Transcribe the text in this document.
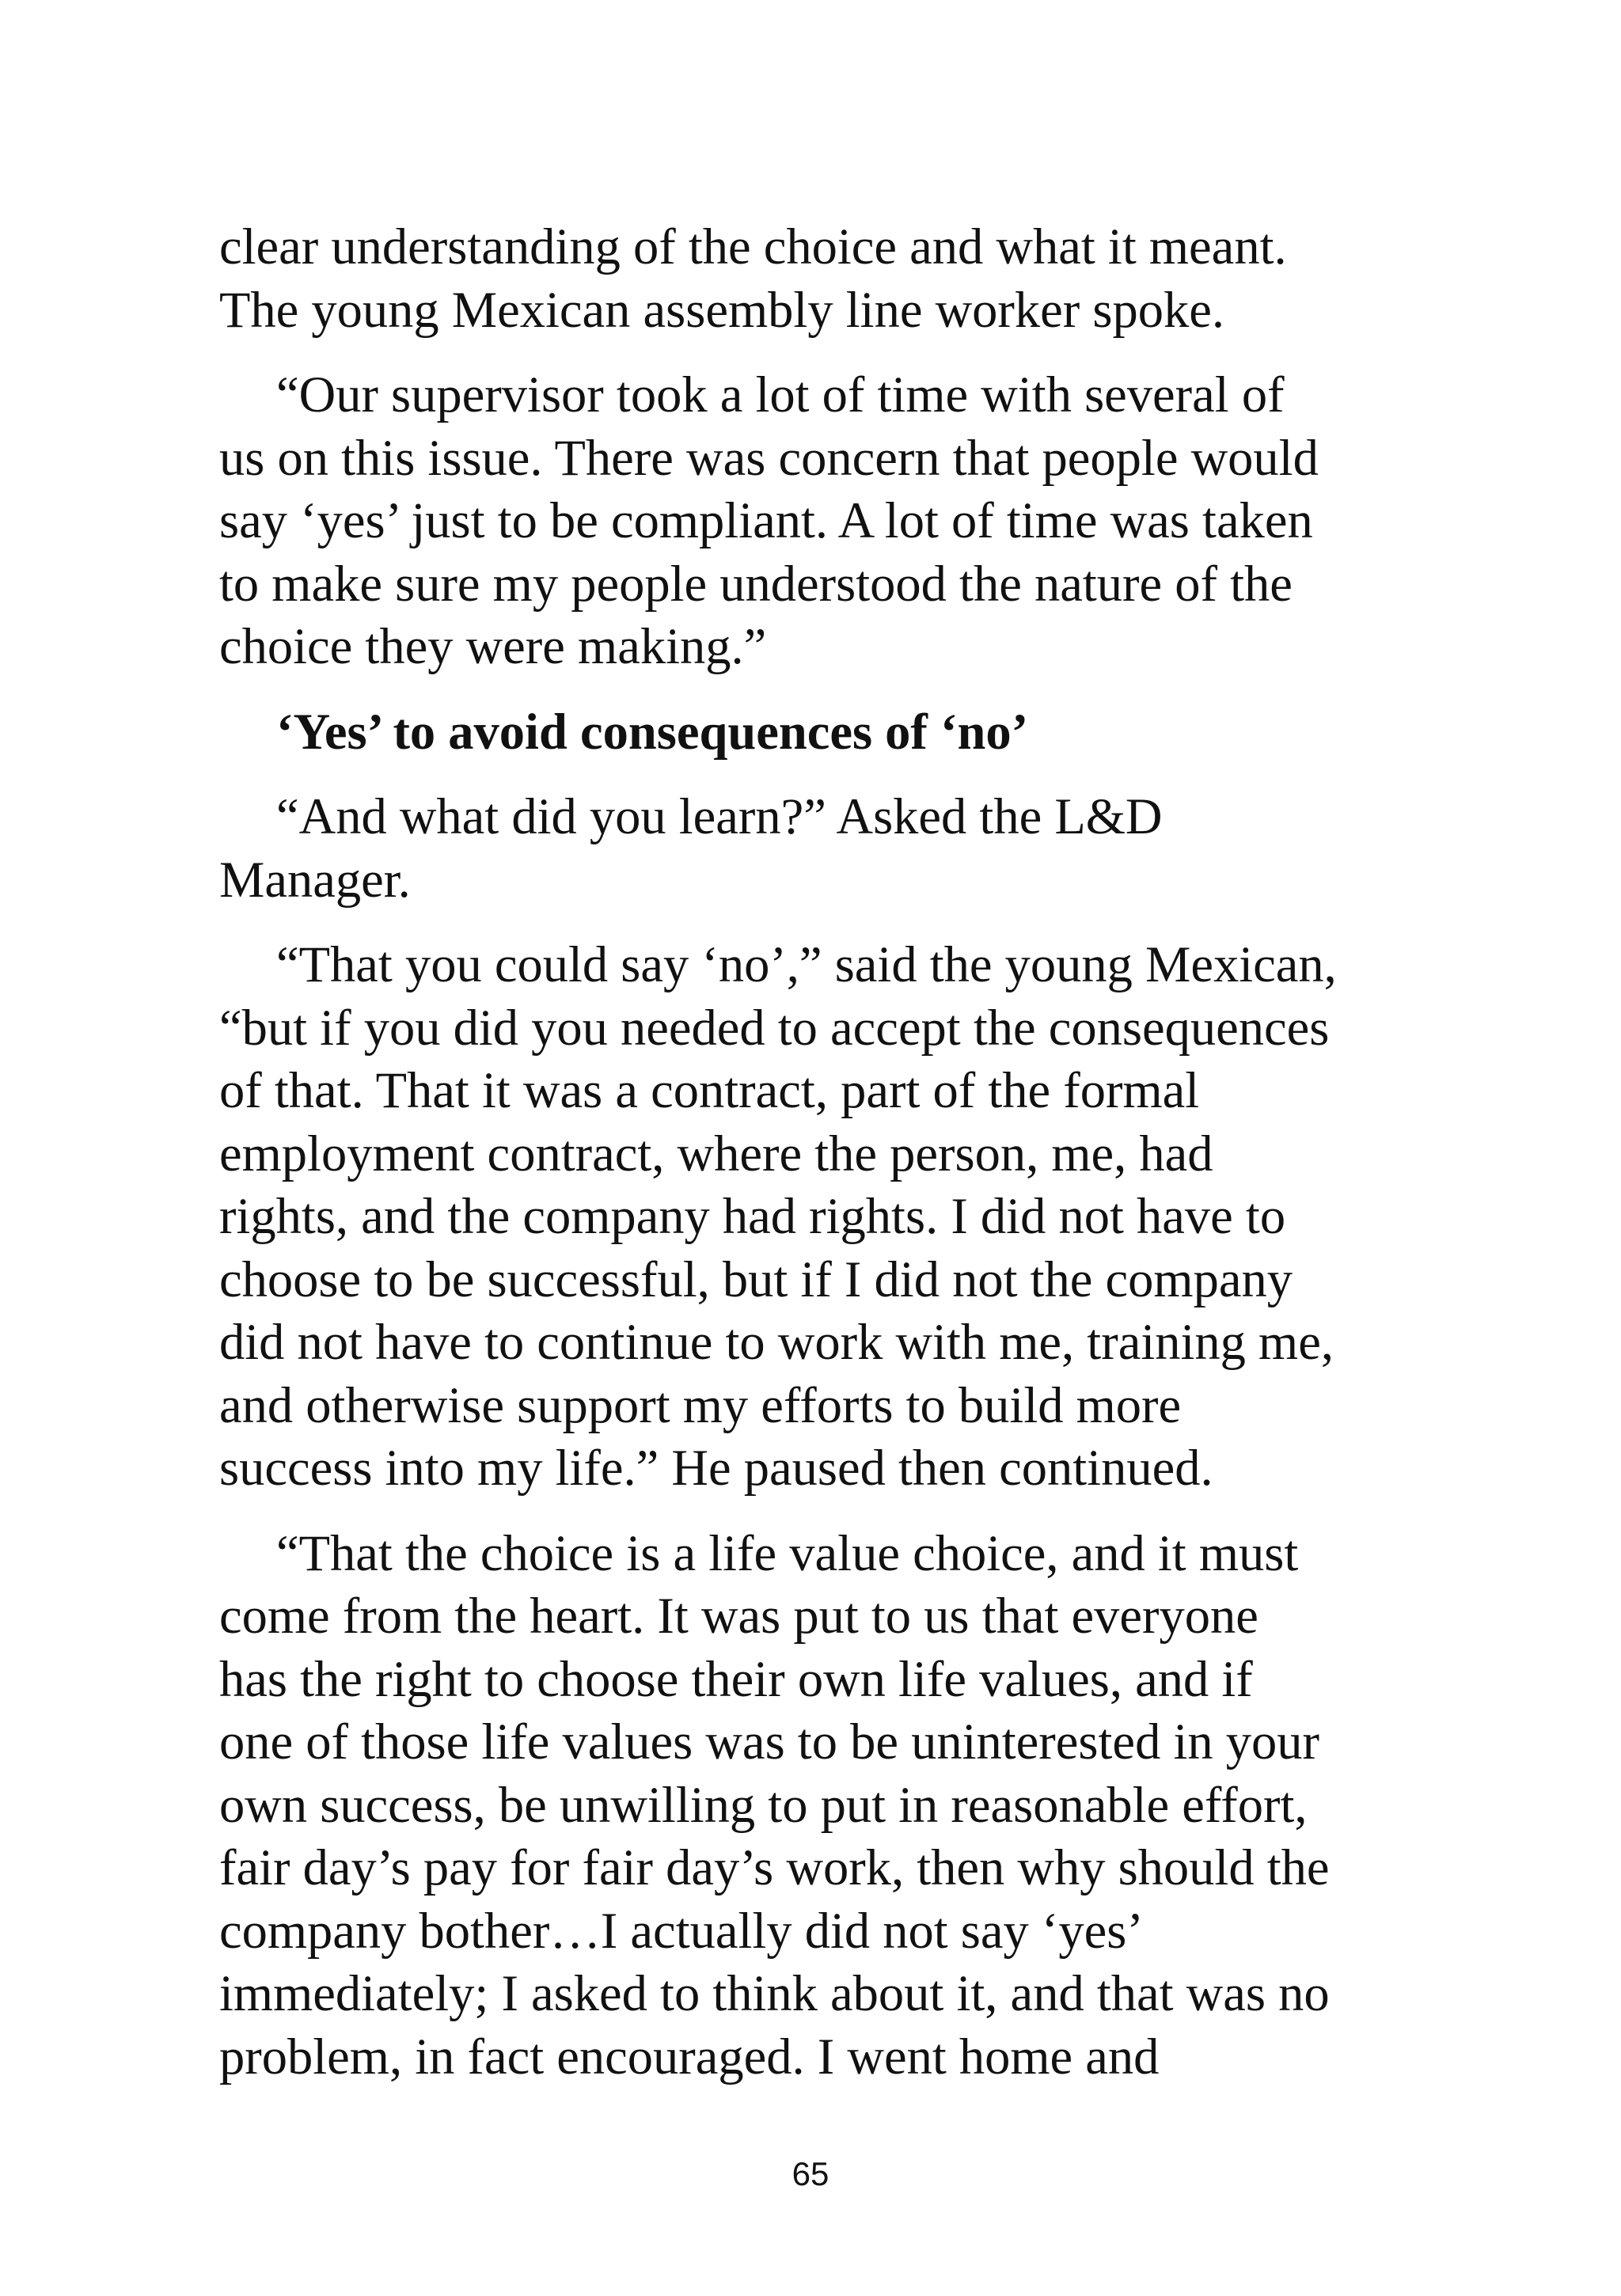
clear understanding of the choice and what it meant.
The young Mexican assembly line worker spoke.
“Our supervisor took a lot of time with several of
us on this issue. There was concern that people would
say ‘yes’ just to be compliant. A lot of time was taken
to make sure my people understood the nature of the
choice they were making.”
‘Yes’ to avoid consequences of ‘no’
“And what did you learn?” Asked the L&D
Manager.
“That you could say ‘no’,” said the young Mexican,
“but if you did you needed to accept the consequences
of that. That it was a contract, part of the formal
employment contract, where the person, me, had
rights, and the company had rights. I did not have to
choose to be successful, but if I did not the company
did not have to continue to work with me, training me,
and otherwise support my efforts to build more
success into my life.” He paused then continued.
“That the choice is a life value choice, and it must
come from the heart. It was put to us that everyone
has the right to choose their own life values, and if
one of those life values was to be uninterested in your
own success, be unwilling to put in reasonable effort,
fair day’s pay for fair day’s work, then why should the
company bother…I actually did not say ‘yes’
immediately; I asked to think about it, and that was no
problem, in fact encouraged. I went home and
65
